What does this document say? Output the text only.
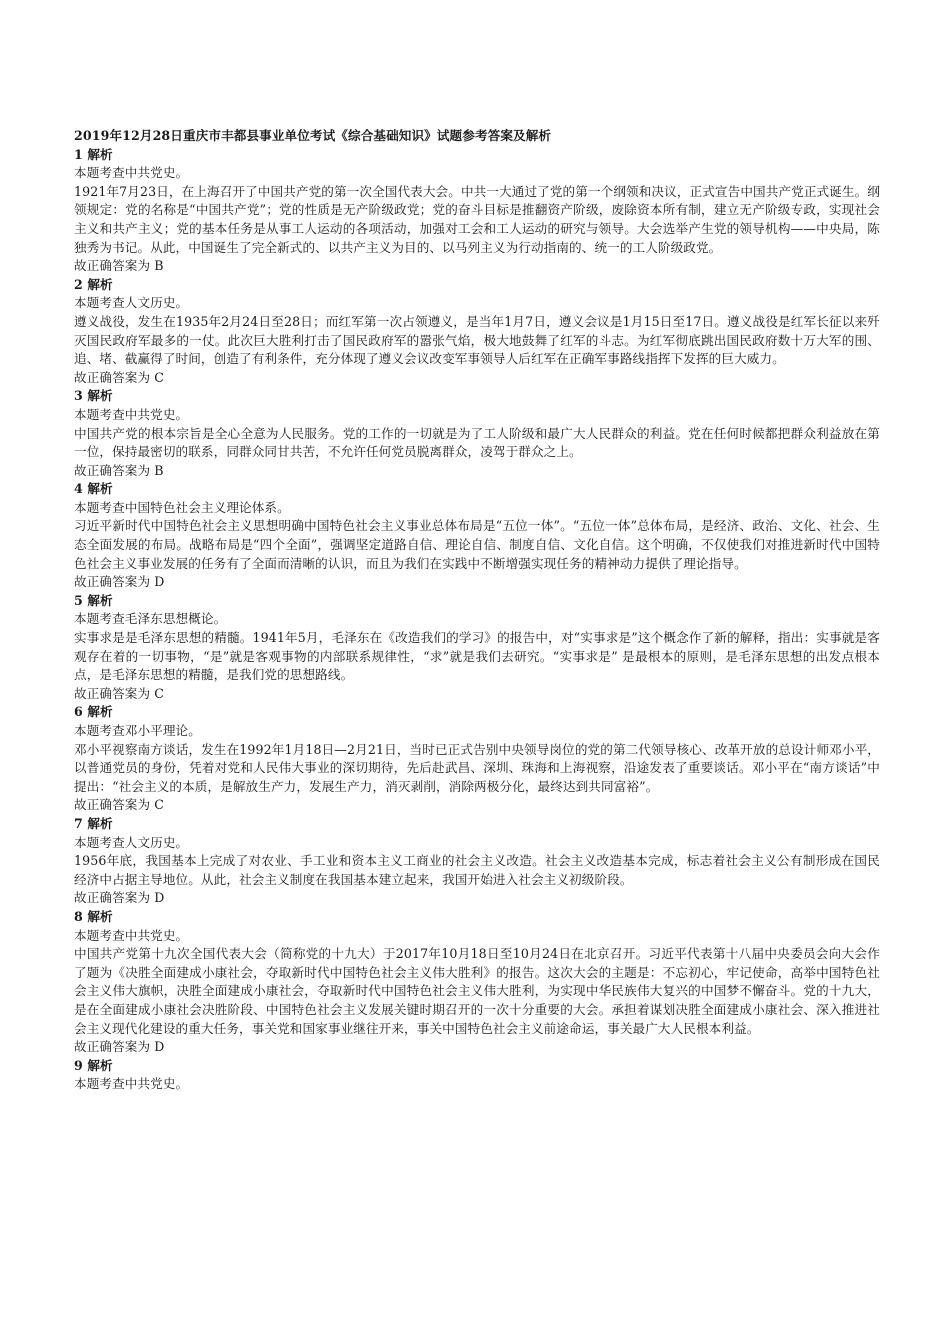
2019年12月28日重庆市丰都县事业单位考试《综合基础知识》试题参考答案及解析

1 解析

本题考查中共党史。

1921年7月23日，在上海召开了中国共产党的第一次全国代表大会。中共一大通过了党的第一个纲领和决议，正式宣告中国共产党正式诞生。纲领规定：党的名称是“中国共产党”；党的性质是无产阶级政党；党的奋斗目标是推翻资产阶级，废除资本所有制，建立无产阶级专政，实现社会主义和共产主义；党的基本任务是从事工人运动的各项活动，加强对工会和工人运动的研究与领导。大会选举产生党的领导机构——中央局，陈独秀为书记。从此，中国诞生了完全新式的、以共产主义为目的、以马列主义为行动指南的、统一的工人阶级政党。

故正确答案为 B

2 解析

本题考查人文历史。

遵义战役，发生在1935年2月24日至28日；而红军第一次占领遵义，是当年1月7日，遵义会议是1月15日至17日。遵义战役是红军长征以来歼灭国民政府军最多的一仗。此次巨大胜利打击了国民政府军的嚣张气焰，极大地鼓舞了红军的斗志。为红军彻底跳出国民政府数十万大军的围、追、堵、截赢得了时间，创造了有利条件，充分体现了遵义会议改变军事领导人后红军在正确军事路线指挥下发挥的巨大威力。

故正确答案为 C

3 解析

本题考查中共党史。

中国共产党的根本宗旨是全心全意为人民服务。党的工作的一切就是为了工人阶级和最广大人民群众的利益。党在任何时候都把群众利益放在第一位，保持最密切的联系，同群众同甘共苦，不允许任何党员脱离群众，凌驾于群众之上。

故正确答案为 B

4 解析

本题考查中国特色社会主义理论体系。

习近平新时代中国特色社会主义思想明确中国特色社会主义事业总体布局是“五位一体”。“五位一体”总体布局，是经济、政治、文化、社会、生态全面发展的布局。战略布局是“四个全面”，强调坚定道路自信、理论自信、制度自信、文化自信。这个明确，不仅使我们对推进新时代中国特色社会主义事业发展的任务有了全面而清晰的认识，而且为我们在实践中不断增强实现任务的精神动力提供了理论指导。

故正确答案为 D

5 解析

本题考查毛泽东思想概论。

实事求是是毛泽东思想的精髓。1941年5月，毛泽东在《改造我们的学习》的报告中，对“实事求是”这个概念作了新的解释，指出：实事就是客观存在着的一切事物，“是”就是客观事物的内部联系规律性，“求”就是我们去研究。“实事求是” 是最根本的原则，是毛泽东思想的出发点根本点，是毛泽东思想的精髓，是我们党的思想路线。

故正确答案为 C

6 解析

本题考查邓小平理论。

邓小平视察南方谈话，发生在1992年1月18日—2月21日，当时已正式告别中央领导岗位的党的第二代领导核心、改革开放的总设计师邓小平，以普通党员的身份，凭着对党和人民伟大事业的深切期待，先后赴武昌、深圳、珠海和上海视察，沿途发表了重要谈话。邓小平在“南方谈话”中提出：“社会主义的本质，是解放生产力，发展生产力，消灭剥削，消除两极分化，最终达到共同富裕”。

故正确答案为 C

7 解析

本题考查人文历史。

1956年底，我国基本上完成了对农业、手工业和资本主义工商业的社会主义改造。社会主义改造基本完成，标志着社会主义公有制形成在国民经济中占据主导地位。从此，社会主义制度在我国基本建立起来，我国开始进入社会主义初级阶段。

故正确答案为 D

8 解析

本题考查中共党史。

中国共产党第十九次全国代表大会（简称党的十九大）于2017年10月18日至10月24日在北京召开。习近平代表第十八届中央委员会向大会作了题为《决胜全面建成小康社会，夺取新时代中国特色社会主义伟大胜利》的报告。这次大会的主题是：不忘初心，牢记使命，高举中国特色社会主义伟大旗帜，决胜全面建成小康社会，夺取新时代中国特色社会主义伟大胜利，为实现中华民族伟大复兴的中国梦不懈奋斗。党的十九大，是在全面建成小康社会决胜阶段、中国特色社会主义发展关键时期召开的一次十分重要的大会。承担着谋划决胜全面建成小康社会、深入推进社会主义现代化建设的重大任务，事关党和国家事业继往开来，事关中国特色社会主义前途命运，事关最广大人民根本利益。

故正确答案为 D

9 解析

本题考查中共党史。
